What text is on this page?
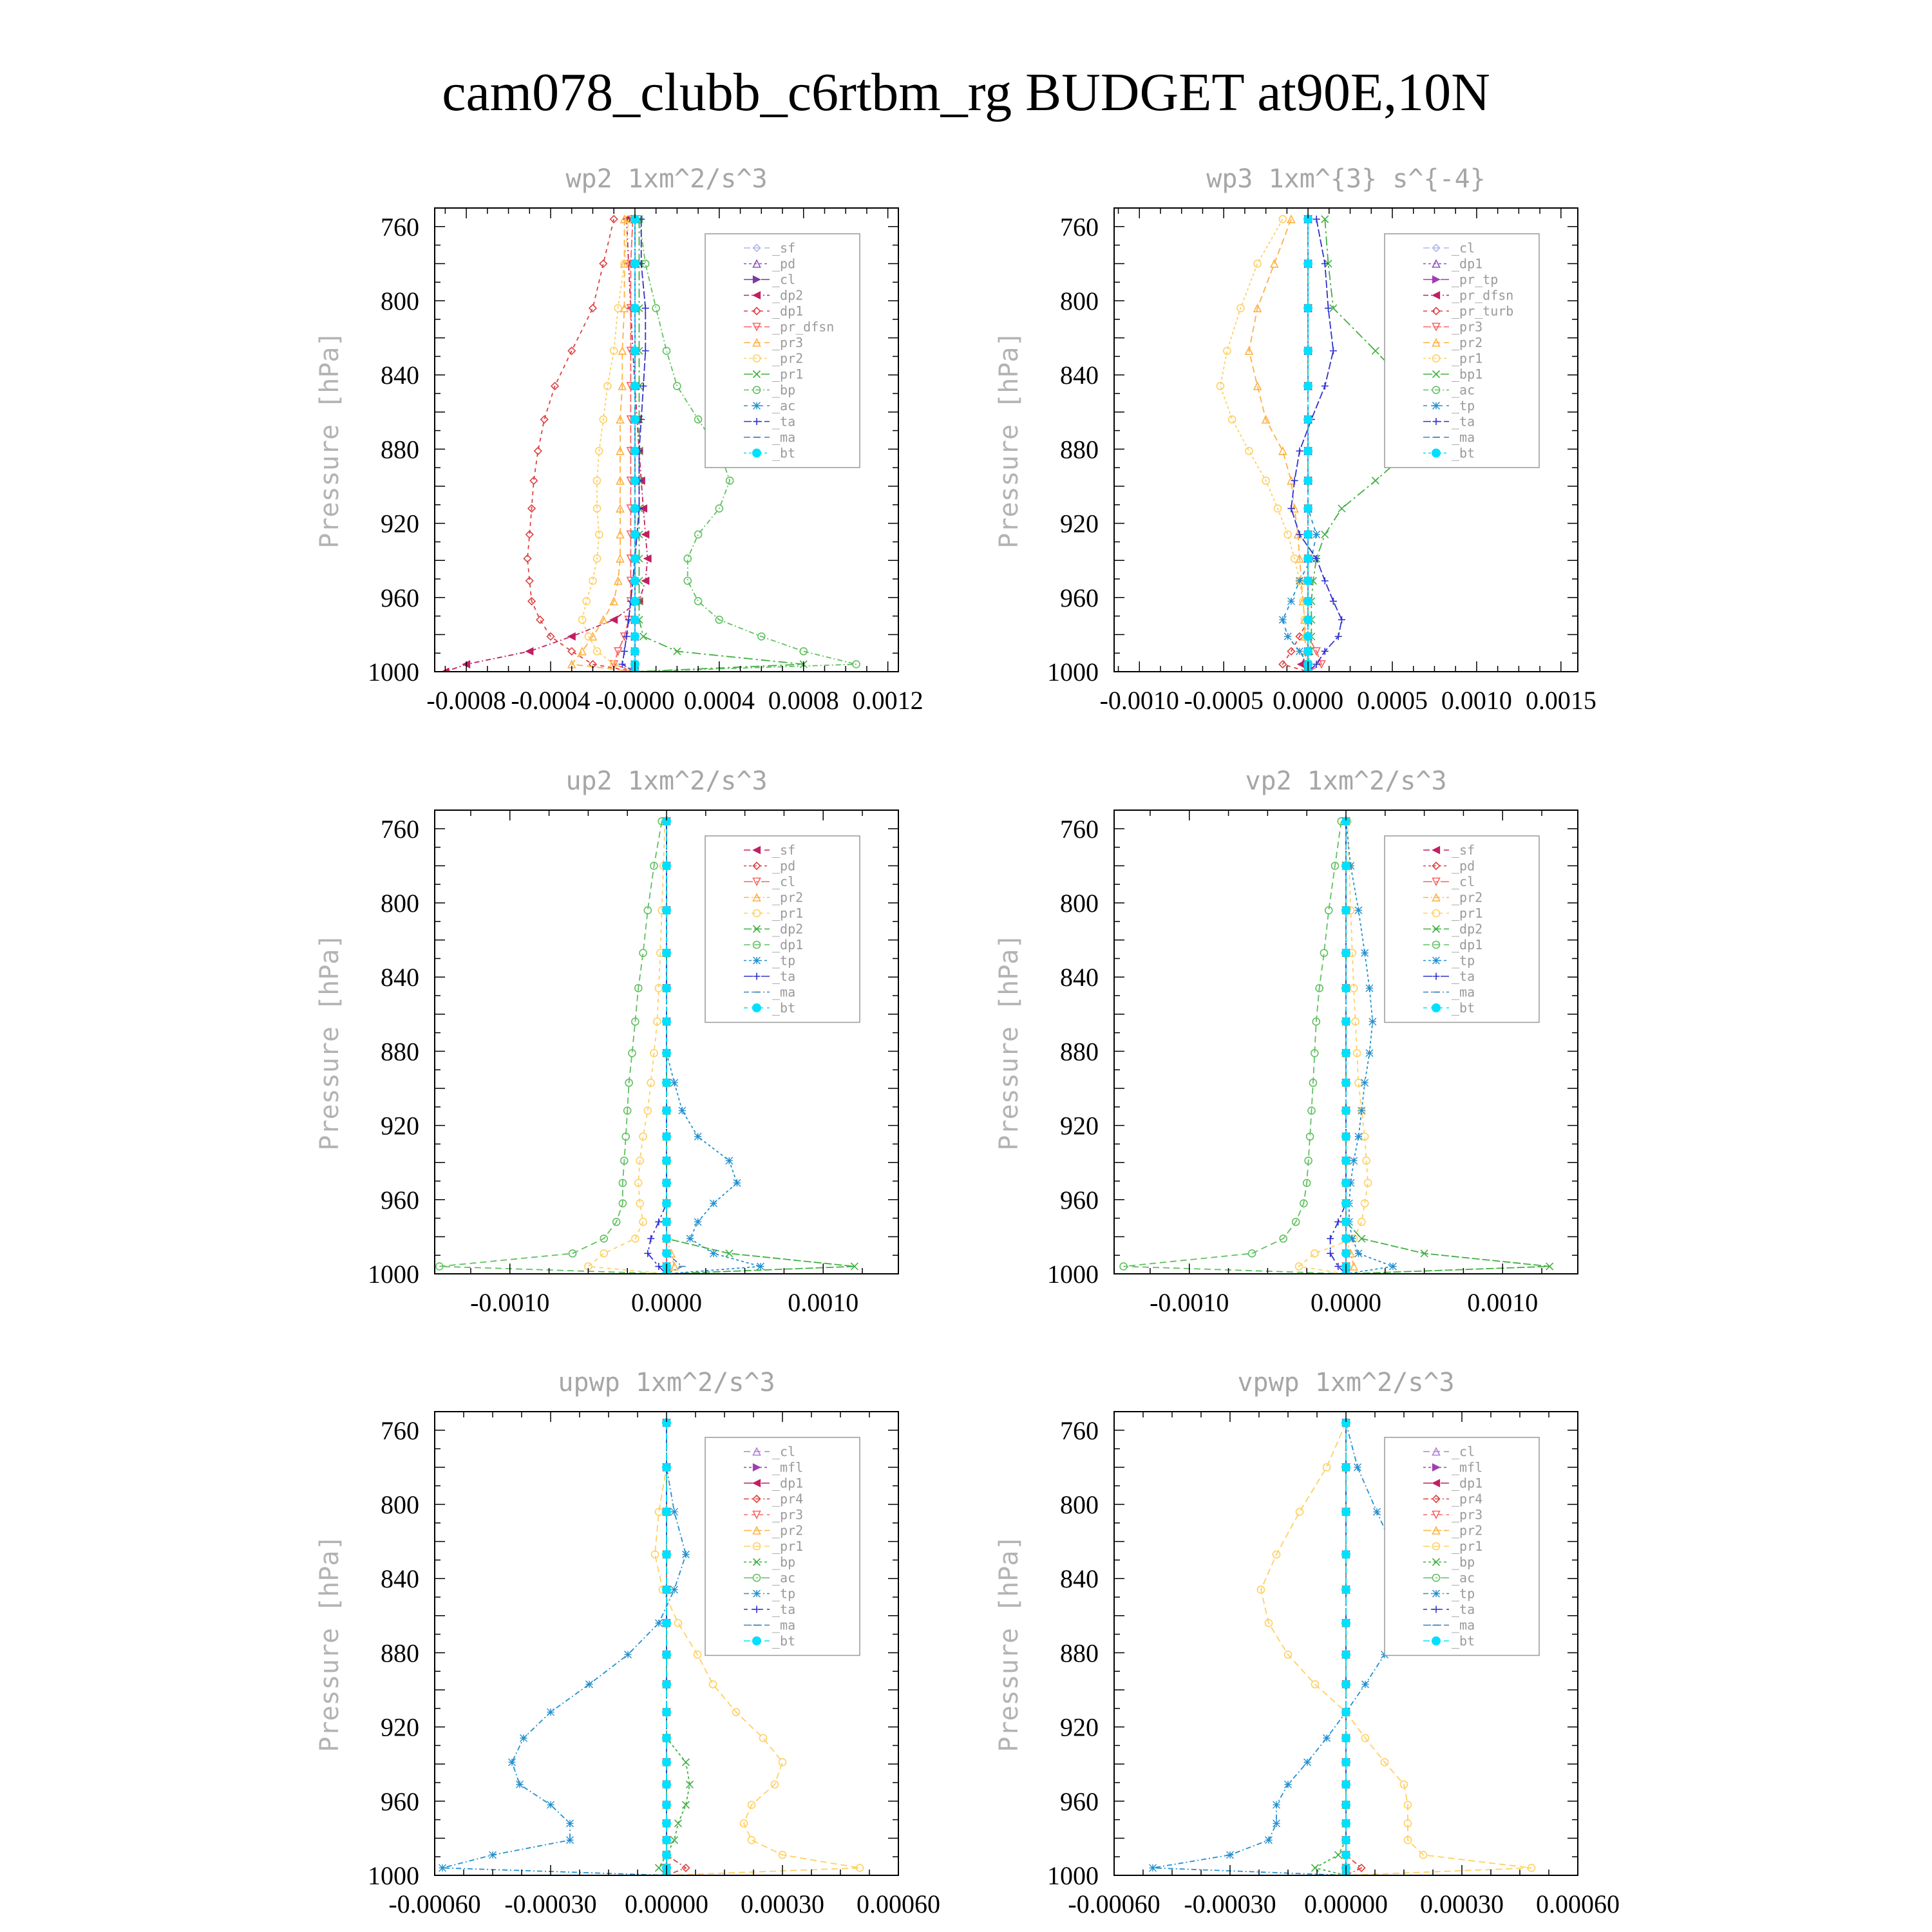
cam078_clubb_c6rtbm_rg BUDGET at90E,10N
wp2 1xm^2/s^3
Pressure [hPa]
760
800
840
880
920
960
1000
-0.0008 -0.0004 -0.0000 0.0004 0.0008 0.0012
_sf
_pd
_cl
_dp2
_dp1
_pr_dfsn
_pr3
_pr2
_pr1
_bp
_ac
_ta
_ma
_bt
wp3 1xm^{3} s^{-4}
Pressure [hPa]
760
800
840
880
920
960
1000
-0.0010 -0.0005 0.0000 0.0005 0.0010 0.0015
_cl
_dp1
_pr_tp
_pr_dfsn
_pr_turb
_pr3
_pr2
_pr1
_bp1
_ac
_tp
_ta
_ma
_bt
up2 1xm^2/s^3
Pressure [hPa]
760
800
840
880
920
960
1000
-0.0010	0.0000	0.0010
_sf
_pd
_cl
_pr2
_pr1
_dp2
_dp1
_tp
_ta
_ma
_bt
vp2 1xm^2/s^3
Pressure [hPa]
760
800
840
880
920
960
1000
-0.0010	0.0000	0.0010
_sf
_pd
_cl
_pr2
_pr1
_dp2
_dp1
_tp
_ta
_ma
_bt
upwp 1xm^2/s^3
Pressure [hPa]
760
800
840
880
920
960
1000
-0.00060 -0.00030 0.00000 0.00030 0.00060
_cl
_mfl
_dp1
_pr4
_pr3
_pr2
_pr1
_bp
_ac
_tp
_ta
_ma
_bt
vpwp 1xm^2/s^3
Pressure [hPa]
760
800
840
880
920
960
1000
-0.00060 -0.00030 0.00000 0.00030 0.00060
_cl
_mfl
_dp1
_pr4
_pr3
_pr2
_pr1
_bp
_ac
_tp
_ta
_ma
_bt
